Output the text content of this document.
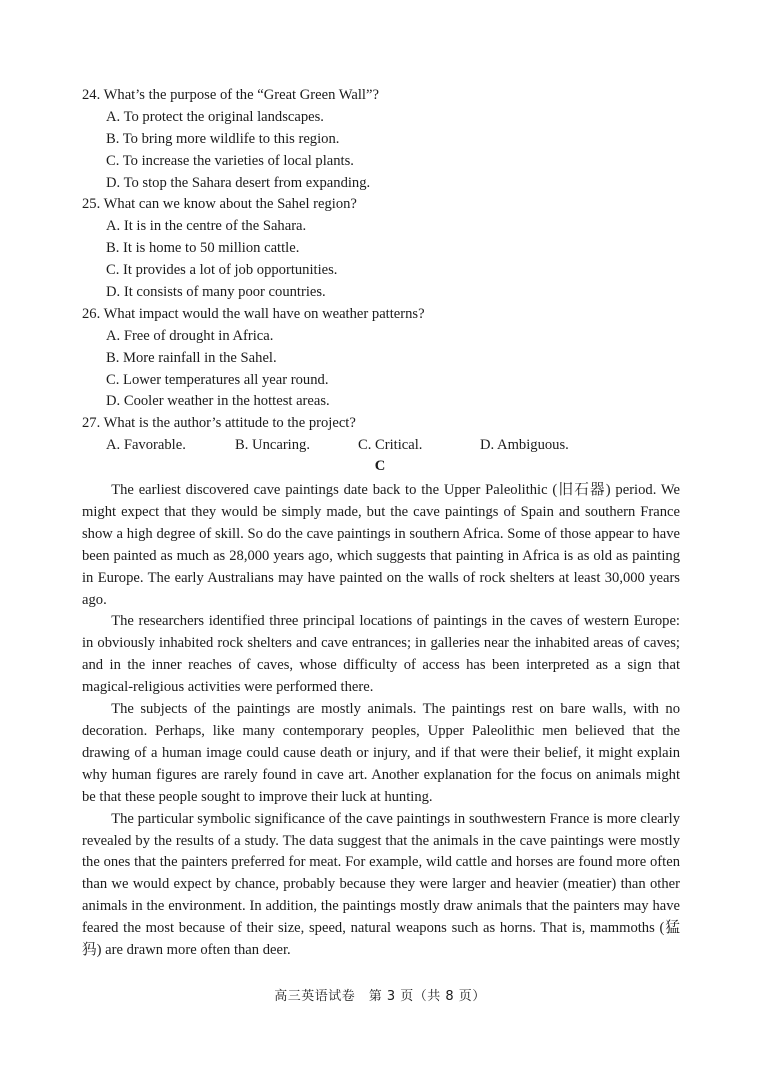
24. What’s the purpose of the “Great Green Wall”?
A. To protect the original landscapes.
B. To bring more wildlife to this region.
C. To increase the varieties of local plants.
D. To stop the Sahara desert from expanding.
25. What can we know about the Sahel region?
A. It is in the centre of the Sahara.
B. It is home to 50 million cattle.
C. It provides a lot of job opportunities.
D. It consists of many poor countries.
26. What impact would the wall have on weather patterns?
A. Free of drought in Africa.
B. More rainfall in the Sahel.
C. Lower temperatures all year round.
D. Cooler weather in the hottest areas.
27. What is the author’s attitude to the project?
A. Favorable.	B. Uncaring.	C. Critical.	D. Ambiguous.
C

The earliest discovered cave paintings date back to the Upper Paleolithic (旧石器) period. We might expect that they would be simply made, but the cave paintings of Spain and southern France show a high degree of skill. So do the cave paintings in southern Africa. Some of those appear to have been painted as much as 28,000 years ago, which suggests that painting in Africa is as old as painting in Europe. The early Australians may have painted on the walls of rock shelters at least 30,000 years ago.

The researchers identified three principal locations of paintings in the caves of western Europe: in obviously inhabited rock shelters and cave entrances; in galleries near the inhabited areas of caves; and in the inner reaches of caves, whose difficulty of access has been interpreted as a sign that magical-religious activities were performed there.

The subjects of the paintings are mostly animals. The paintings rest on bare walls, with no decoration. Perhaps, like many contemporary peoples, Upper Paleolithic men believed that the drawing of a human image could cause death or injury, and if that were their belief, it might explain why human figures are rarely found in cave art. Another explanation for the focus on animals might be that these people sought to improve their luck at hunting.

The particular symbolic significance of the cave paintings in southwestern France is more clearly revealed by the results of a study. The data suggest that the animals in the cave paintings were mostly the ones that the painters preferred for meat. For example, wild cattle and horses are found more often than we would expect by chance, probably because they were larger and heavier (meatier) than other animals in the environment. In addition, the paintings mostly draw animals that the painters may have feared the most because of their size, speed, natural weapons such as horns. That is, mammoths (猛犸) are drawn more often than deer.

高三英语试卷　第 3 页（共 8 页）
